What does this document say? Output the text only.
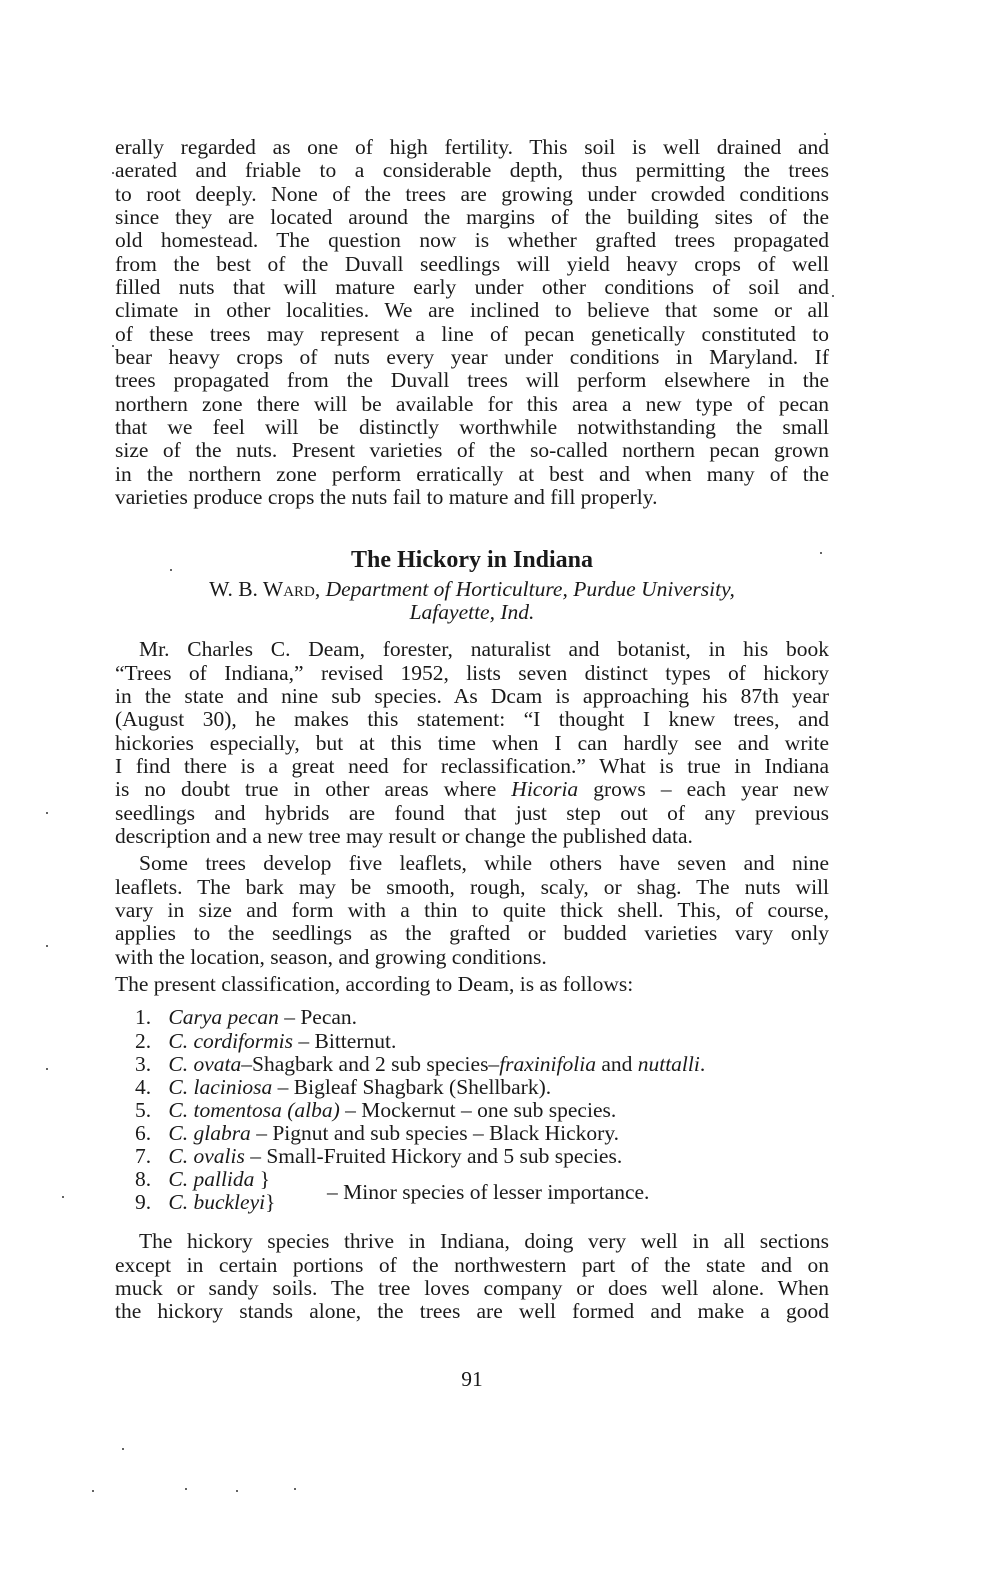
erally regarded as one of high fertility. This soil is well drained and
aerated and friable to a considerable depth, thus permitting the trees
to root deeply. None of the trees are growing under crowded conditions
since they are located around the margins of the building sites of the
old homestead. The question now is whether grafted trees propagated
from the best of the Duvall seedlings will yield heavy crops of well
filled nuts that will mature early under other conditions of soil and
climate in other localities. We are inclined to believe that some or all
of these trees may represent a line of pecan genetically constituted to
bear heavy crops of nuts every year under conditions in Maryland. If
trees propagated from the Duvall trees will perform elsewhere in the
northern zone there will be available for this area a new type of pecan
that we feel will be distinctly worthwhile notwithstanding the small
size of the nuts. Present varieties of the so-called northern pecan grown
in the northern zone perform erratically at best and when many of the
varieties produce crops the nuts fail to mature and fill properly.
The Hickory in Indiana
W. B. Ward, Department of Horticulture, Purdue University,
Lafayette, Ind.
Mr. Charles C. Deam, forester, naturalist and botanist, in his book
“Trees of Indiana,” revised 1952, lists seven distinct types of hickory
in the state and nine sub species. As Dcam is approaching his 87th year
(August 30), he makes this statement: “I thought I knew trees, and
hickories especially, but at this time when I can hardly see and write
I find there is a great need for reclassification.” What is true in Indiana
is no doubt true in other areas where Hicoria grows – each year new
seedlings and hybrids are found that just step out of any previous
description and a new tree may result or change the published data.
Some trees develop five leaflets, while others have seven and nine
leaflets. The bark may be smooth, rough, scaly, or shag. The nuts will
vary in size and form with a thin to quite thick shell. This, of course,
applies to the seedlings as the grafted or budded varieties vary only
with the location, season, and growing conditions.
The present classification, according to Deam, is as follows:
1. Carya pecan – Pecan.
2. C. cordiformis – Bitternut.
3. C. ovata–Shagbark and 2 sub species–fraxinifolia and nuttalli.
4. C. laciniosa – Bigleaf Shagbark (Shellbark).
5. C. tomentosa (alba) – Mockernut – one sub species.
6. C. glabra – Pignut and sub species – Black Hickory.
7. C. ovalis – Small-Fruited Hickory and 5 sub species.
8. C. pallida }
9. C. buckleyi}	– Minor species of lesser importance.
The hickory species thrive in Indiana, doing very well in all sections
except in certain portions of the northwestern part of the state and on
muck or sandy soils. The tree loves company or does well alone. When
the hickory stands alone, the trees are well formed and make a good
91
